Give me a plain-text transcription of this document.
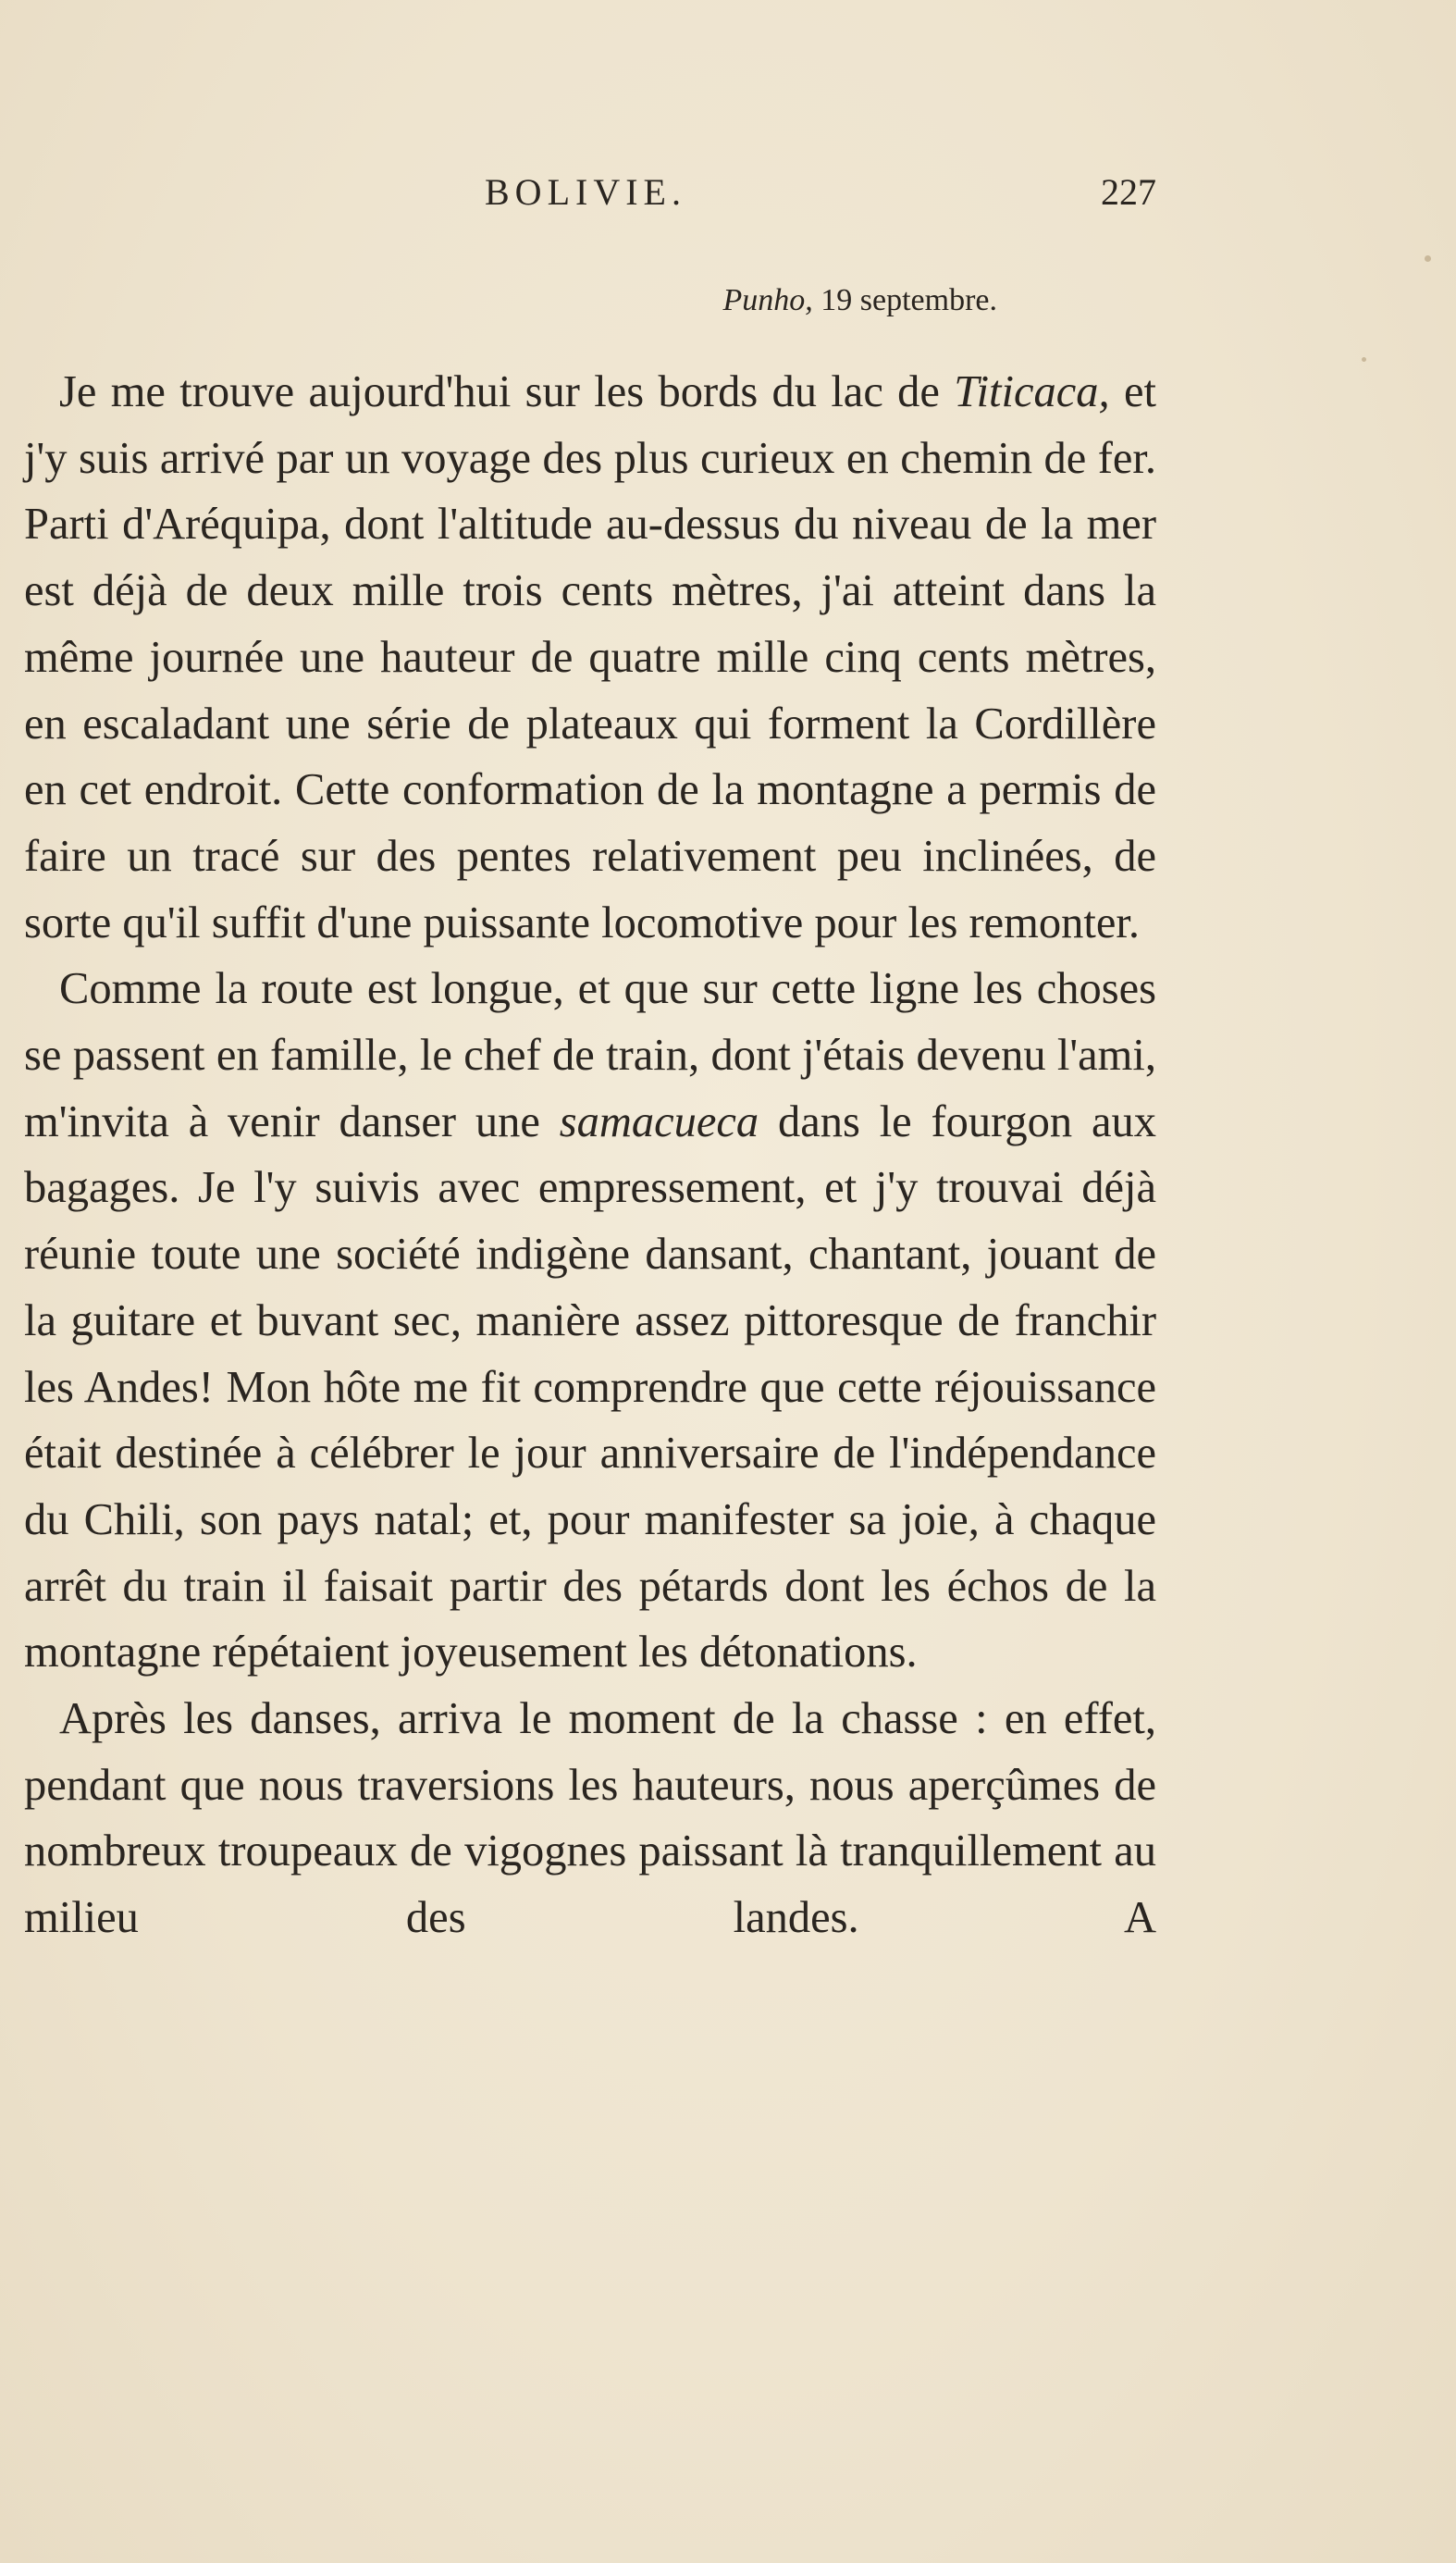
BOLIVIE.	227
Punho, 19 septembre.

Je me trouve aujourd'hui sur les bords du lac de Titicaca, et j'y suis arrivé par un voyage des plus curieux en chemin de fer. Parti d'Aréquipa, dont l'altitude au-dessus du niveau de la mer est déjà de deux mille trois cents mètres, j'ai atteint dans la même journée une hauteur de quatre mille cinq cents mètres, en escaladant une série de plateaux qui forment la Cordillère en cet endroit. Cette conformation de la montagne a permis de faire un tracé sur des pentes relativement peu inclinées, de sorte qu'il suffit d'une puissante locomotive pour les remonter.

Comme la route est longue, et que sur cette ligne les choses se passent en famille, le chef de train, dont j'étais devenu l'ami, m'invita à venir danser une samacueca dans le fourgon aux bagages. Je l'y suivis avec empressement, et j'y trouvai déjà réunie toute une société indigène dansant, chantant, jouant de la guitare et buvant sec, manière assez pittoresque de franchir les Andes! Mon hôte me fit comprendre que cette réjouissance était destinée à célébrer le jour anniversaire de l'indépendance du Chili, son pays natal; et, pour manifester sa joie, à chaque arrêt du train il faisait partir des pétards dont les échos de la montagne répétaient joyeusement les détonations.

Après les danses, arriva le moment de la chasse : en effet, pendant que nous traversions les hauteurs, nous aperçûmes de nombreux troupeaux de vigognes paissant là tranquillement au milieu des landes. A
